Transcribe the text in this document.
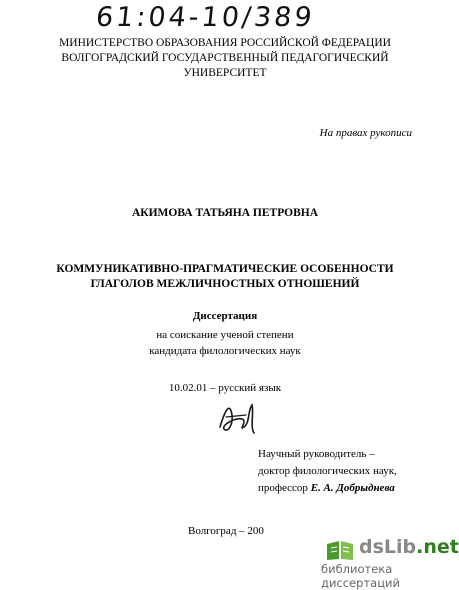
61:04-10/389
МИНИСТЕРСТВО ОБРАЗОВАНИЯ РОССИЙСКОЙ ФЕДЕРАЦИИ
ВОЛГОГРАДСКИЙ ГОСУДАРСТВЕННЫЙ ПЕДАГОГИЧЕСКИЙ
УНИВЕРСИТЕТ
На правах рукописи
АКИМОВА ТАТЬЯНА ПЕТРОВНА
КОММУНИКАТИВНО-ПРАГМАТИЧЕСКИЕ ОСОБЕННОСТИ
ГЛАГОЛОВ МЕЖЛИЧНОСТНЫХ ОТНОШЕНИЙ
Диссертация
на соискание ученой степени
кандидата филологических наук
10.02.01 – русский язык
Научный руководитель –
доктор филологических наук,
профессор Е. А. Добрыднева
Волгоград – 200
dsLib.net
библиотека диссертаций
